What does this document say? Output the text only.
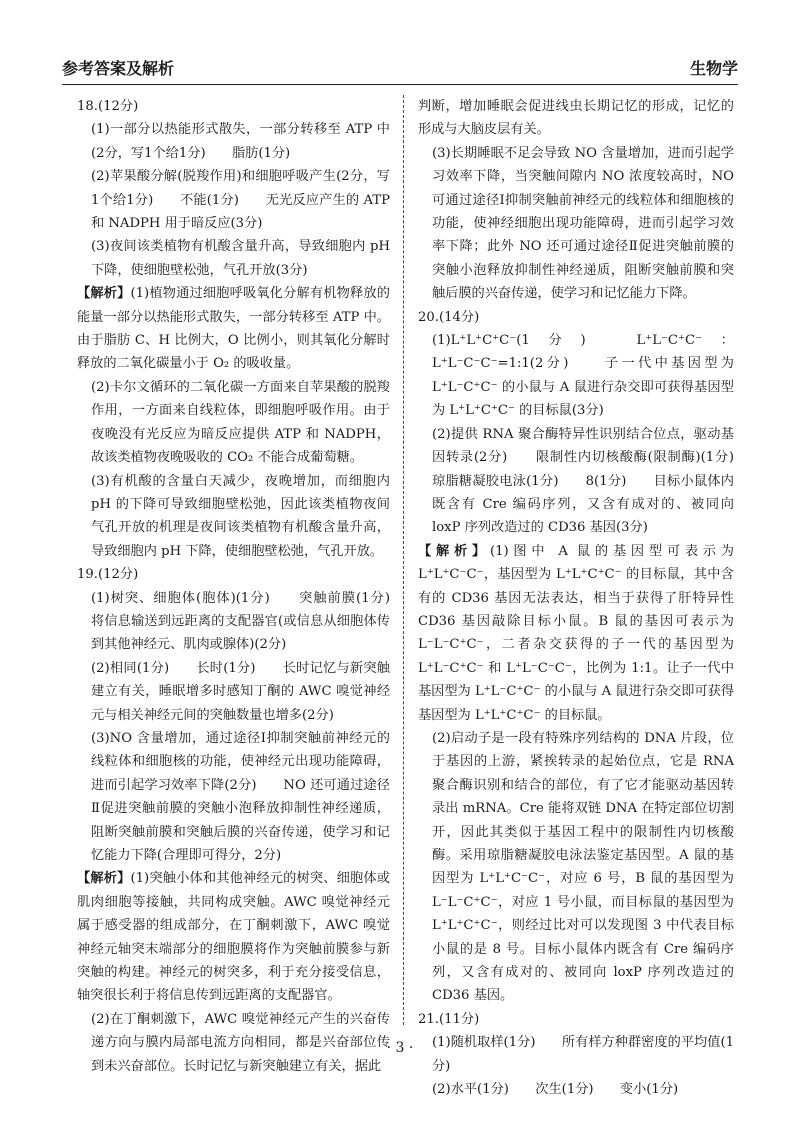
参考答案及解析	生物学

18.(12分)

(1)一部分以热能形式散失，一部分转移至 ATP 中(2分，写1个给1分)　　脂肪(1分)

(2)苹果酸分解(脱羧作用)和细胞呼吸产生(2分，写1个给1分)　　不能(1分)　　无光反应产生的 ATP 和 NADPH 用于暗反应(3分)

(3)夜间该类植物有机酸含量升高，导致细胞内 pH 下降，使细胞壁松弛，气孔开放(3分)

【解析】(1)植物通过细胞呼吸氧化分解有机物释放的能量一部分以热能形式散失，一部分转移至 ATP 中。由于脂肪 C、H 比例大，O 比例小，则其氧化分解时释放的二氧化碳量小于 O₂ 的吸收量。

(2)卡尔文循环的二氧化碳一方面来自苹果酸的脱羧作用，一方面来自线粒体，即细胞呼吸作用。由于夜晚没有光反应为暗反应提供 ATP 和 NADPH，故该类植物夜晚吸收的 CO₂ 不能合成葡萄糖。

(3)有机酸的含量白天减少，夜晚增加，而细胞内 pH 的下降可导致细胞壁松弛，因此该类植物夜间气孔开放的机理是夜间该类植物有机酸含量升高，导致细胞内 pH 下降，使细胞壁松弛，气孔开放。

19.(12分)

(1)树突、细胞体(胞体)(1分)　　突触前膜(1分)　将信息输送到远距离的支配器官(或信息从细胞体传到其他神经元、肌肉或腺体)(2分)

(2)相同(1分)　　长时(1分)　　长时记忆与新突触建立有关，睡眠增多时感知丁酮的 AWC 嗅觉神经元与相关神经元间的突触数量也增多(2分)

(3)NO 含量增加，通过途径Ⅰ抑制突触前神经元的线粒体和细胞核的功能，使神经元出现功能障碍，进而引起学习效率下降(2分)　　NO 还可通过途径Ⅱ促进突触前膜的突触小泡释放抑制性神经递质，阻断突触前膜和突触后膜的兴奋传递，使学习和记忆能力下降(合理即可得分，2分)

【解析】(1)突触小体和其他神经元的树突、细胞体或肌肉细胞等接触，共同构成突触。AWC 嗅觉神经元属于感受器的组成部分，在丁酮刺激下，AWC 嗅觉神经元轴突末端部分的细胞膜将作为突触前膜参与新突触的构建。神经元的树突多，利于充分接受信息，轴突很长利于将信息传到远距离的支配器官。

(2)在丁酮刺激下，AWC 嗅觉神经元产生的兴奋传递方向与膜内局部电流方向相同，都是兴奋部位传到未兴奋部位。长时记忆与新突触建立有关，据此

判断，增加睡眠会促进线虫长期记忆的形成，记忆的形成与大脑皮层有关。

(3)长期睡眠不足会导致 NO 含量增加，进而引起学习效率下降，当突触间隙内 NO 浓度较高时，NO 可通过途径Ⅰ抑制突触前神经元的线粒体和细胞核的功能，使神经细胞出现功能障碍，进而引起学习效率下降；此外 NO 还可通过途径Ⅱ促进突触前膜的突触小泡释放抑制性神经递质，阻断突触前膜和突触后膜的兴奋传递，使学习和记忆能力下降。

20.(14分)

(1)L⁺L⁺C⁺C⁻(1分)　L⁺L⁻C⁺C⁻：L⁺L⁻C⁻C⁻=1:1(2分)　　子一代中基因型为 L⁺L⁻C⁺C⁻ 的小鼠与 A 鼠进行杂交即可获得基因型为 L⁺L⁺C⁺C⁻ 的目标鼠(3分)

(2)提供 RNA 聚合酶特异性识别结合位点，驱动基因转录(2分)　　限制性内切核酸酶(限制酶)(1分)　琼脂糖凝胶电泳(1分)　　8(1分)　　目标小鼠体内既含有 Cre 编码序列，又含有成对的、被同向 loxP 序列改造过的 CD36 基因(3分)

【解析】(1)图中 A 鼠的基因型可表示为 L⁺L⁺C⁻C⁻，基因型为 L⁺L⁺C⁺C⁻ 的目标鼠，其中含有的 CD36 基因无法表达，相当于获得了肝特异性 CD36 基因敲除目标小鼠。B 鼠的基因可表示为 L⁻L⁻C⁺C⁻，二者杂交获得的子一代的基因型为 L⁺L⁻C⁺C⁻ 和 L⁺L⁻C⁻C⁻，比例为 1:1。让子一代中基因型为 L⁺L⁻C⁺C⁻ 的小鼠与 A 鼠进行杂交即可获得基因型为 L⁺L⁺C⁺C⁻ 的目标鼠。

(2)启动子是一段有特殊序列结构的 DNA 片段，位于基因的上游，紧挨转录的起始位点，它是 RNA 聚合酶识别和结合的部位，有了它才能驱动基因转录出 mRNA。Cre 能将双链 DNA 在特定部位切割开，因此其类似于基因工程中的限制性内切核酸酶。采用琼脂糖凝胶电泳法鉴定基因型。A 鼠的基因型为 L⁺L⁺C⁻C⁻，对应 6 号，B 鼠的基因型为 L⁻L⁻C⁺C⁻，对应 1 号小鼠，而目标鼠的基因型为 L⁺L⁺C⁺C⁻，则经过比对可以发现图 3 中代表目标小鼠的是 8 号。目标小鼠体内既含有 Cre 编码序列，又含有成对的、被同向 loxP 序列改造过的 CD36 基因。

21.(11分)

(1)随机取样(1分)　　所有样方种群密度的平均值(1分)

(2)水平(1分)　　次生(1分)　　变小(1分)

· 3 ·
